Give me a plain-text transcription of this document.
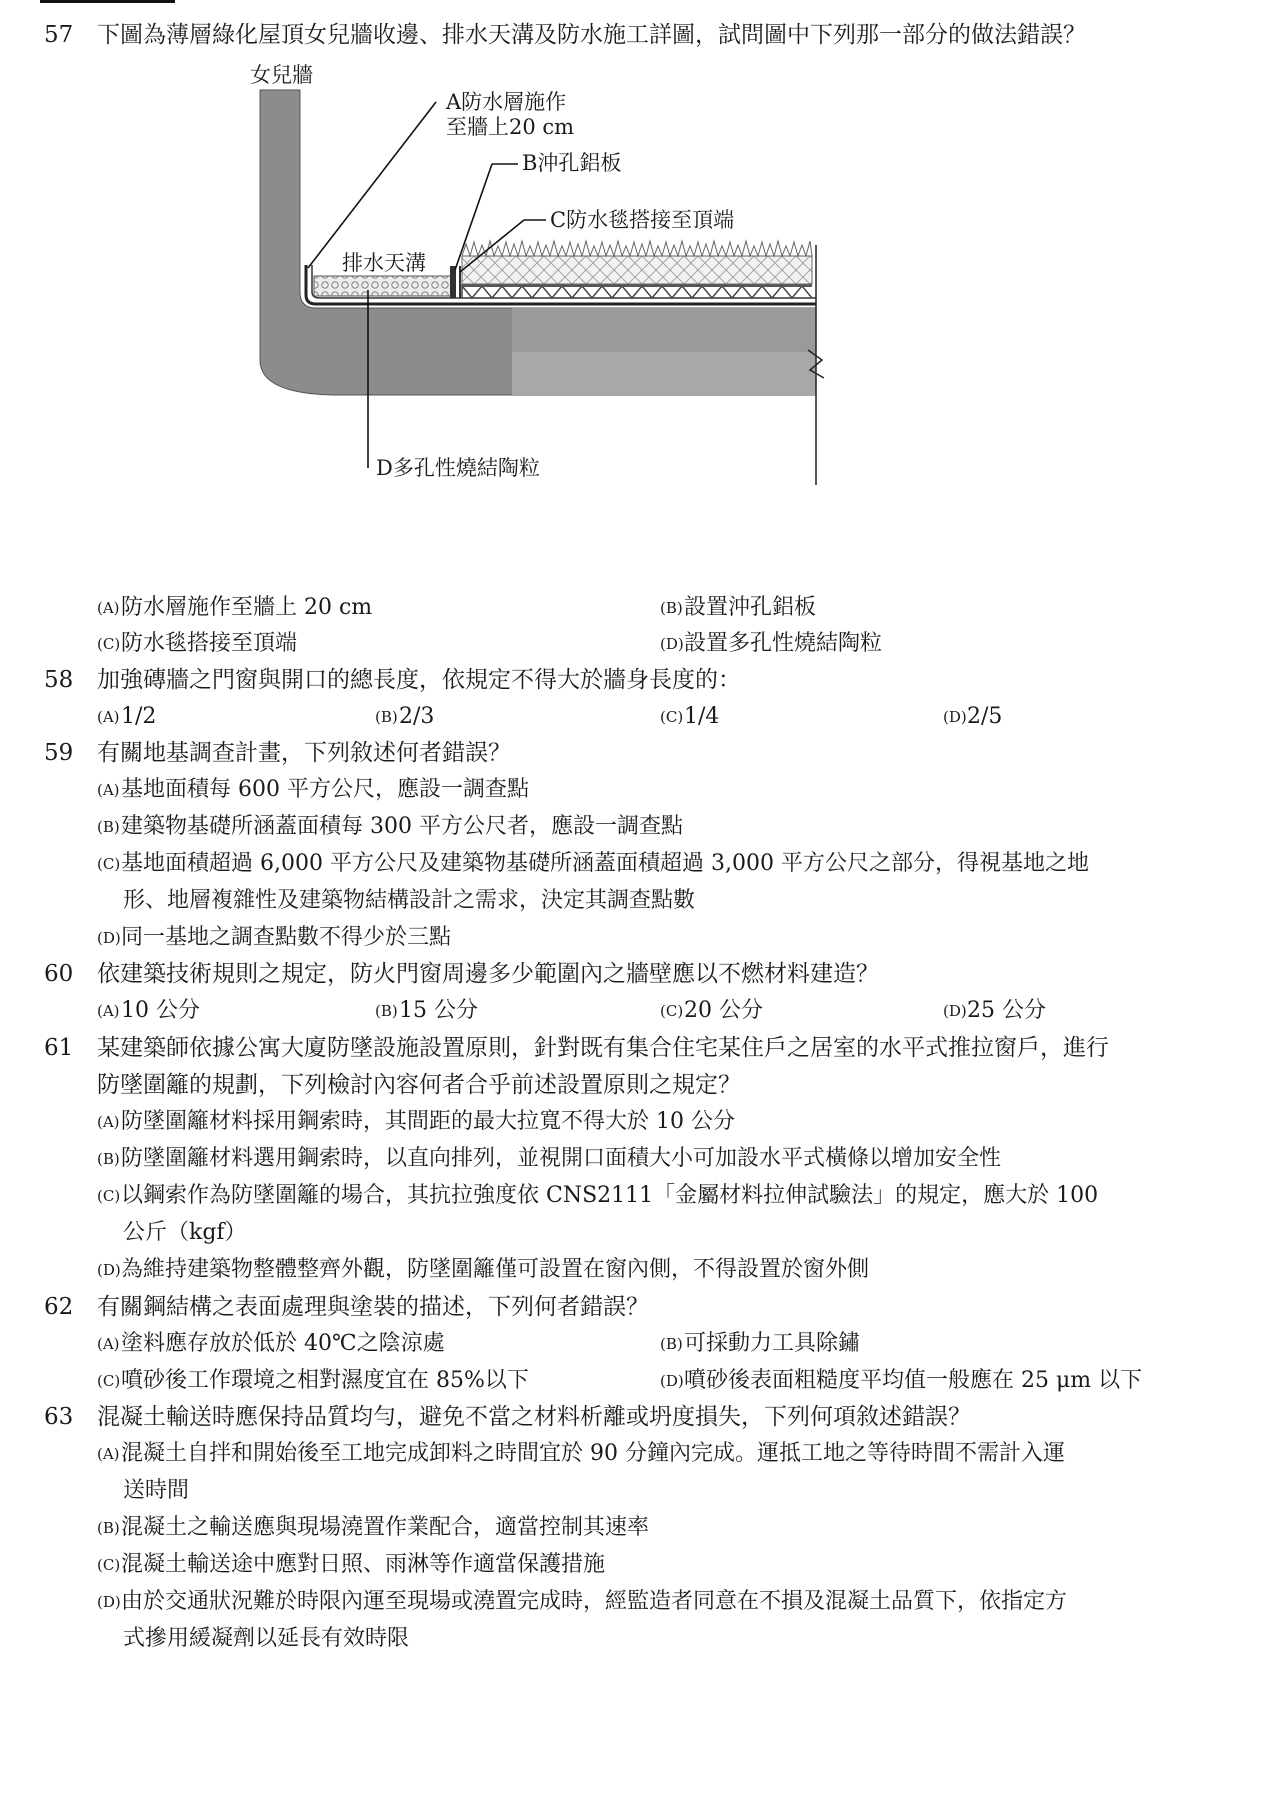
57	下圖為薄層綠化屋頂女兒牆收邊、排水天溝及防水施工詳圖，試問圖中下列那一部分的做法錯誤？
女兒牆
A防水層施作
至牆上20 cm
B沖孔鋁板
C防水毯搭接至頂端
排水天溝
D多孔性燒結陶粒
(A)防水層施作至牆上 20 cm	(B)設置沖孔鋁板
(C)防水毯搭接至頂端	(D)設置多孔性燒結陶粒
58	加強磚牆之門窗與開口的總長度，依規定不得大於牆身長度的：
(A)1/2	(B)2/3	(C)1/4	(D)2/5
59	有關地基調查計畫，下列敘述何者錯誤？
(A)基地面積每 600 平方公尺，應設一調查點
(B)建築物基礎所涵蓋面積每 300 平方公尺者，應設一調查點
(C)基地面積超過 6,000 平方公尺及建築物基礎所涵蓋面積超過 3,000 平方公尺之部分，得視基地之地
形、地層複雜性及建築物結構設計之需求，決定其調查點數
(D)同一基地之調查點數不得少於三點
60	依建築技術規則之規定，防火門窗周邊多少範圍內之牆壁應以不燃材料建造？
(A)10 公分	(B)15 公分	(C)20 公分	(D)25 公分
61	某建築師依據公寓大廈防墜設施設置原則，針對既有集合住宅某住戶之居室的水平式推拉窗戶，進行
防墜圍籬的規劃，下列檢討內容何者合乎前述設置原則之規定？
(A)防墜圍籬材料採用鋼索時，其間距的最大拉寬不得大於 10 公分
(B)防墜圍籬材料選用鋼索時，以直向排列，並視開口面積大小可加設水平式橫條以增加安全性
(C)以鋼索作為防墜圍籬的場合，其抗拉強度依 CNS2111「金屬材料拉伸試驗法」的規定，應大於 100
公斤（kgf）
(D)為維持建築物整體整齊外觀，防墜圍籬僅可設置在窗內側，不得設置於窗外側
62	有關鋼結構之表面處理與塗裝的描述，下列何者錯誤？
(A)塗料應存放於低於 40℃之陰涼處	(B)可採動力工具除鏽
(C)噴砂後工作環境之相對濕度宜在 85%以下	(D)噴砂後表面粗糙度平均值一般應在 25 μm 以下
63	混凝土輸送時應保持品質均勻，避免不當之材料析離或坍度損失，下列何項敘述錯誤？
(A)混凝土自拌和開始後至工地完成卸料之時間宜於 90 分鐘內完成。運抵工地之等待時間不需計入運
送時間
(B)混凝土之輸送應與現場澆置作業配合，適當控制其速率
(C)混凝土輸送途中應對日照、雨淋等作適當保護措施
(D)由於交通狀況難於時限內運至現場或澆置完成時，經監造者同意在不損及混凝土品質下，依指定方
式摻用緩凝劑以延長有效時限
